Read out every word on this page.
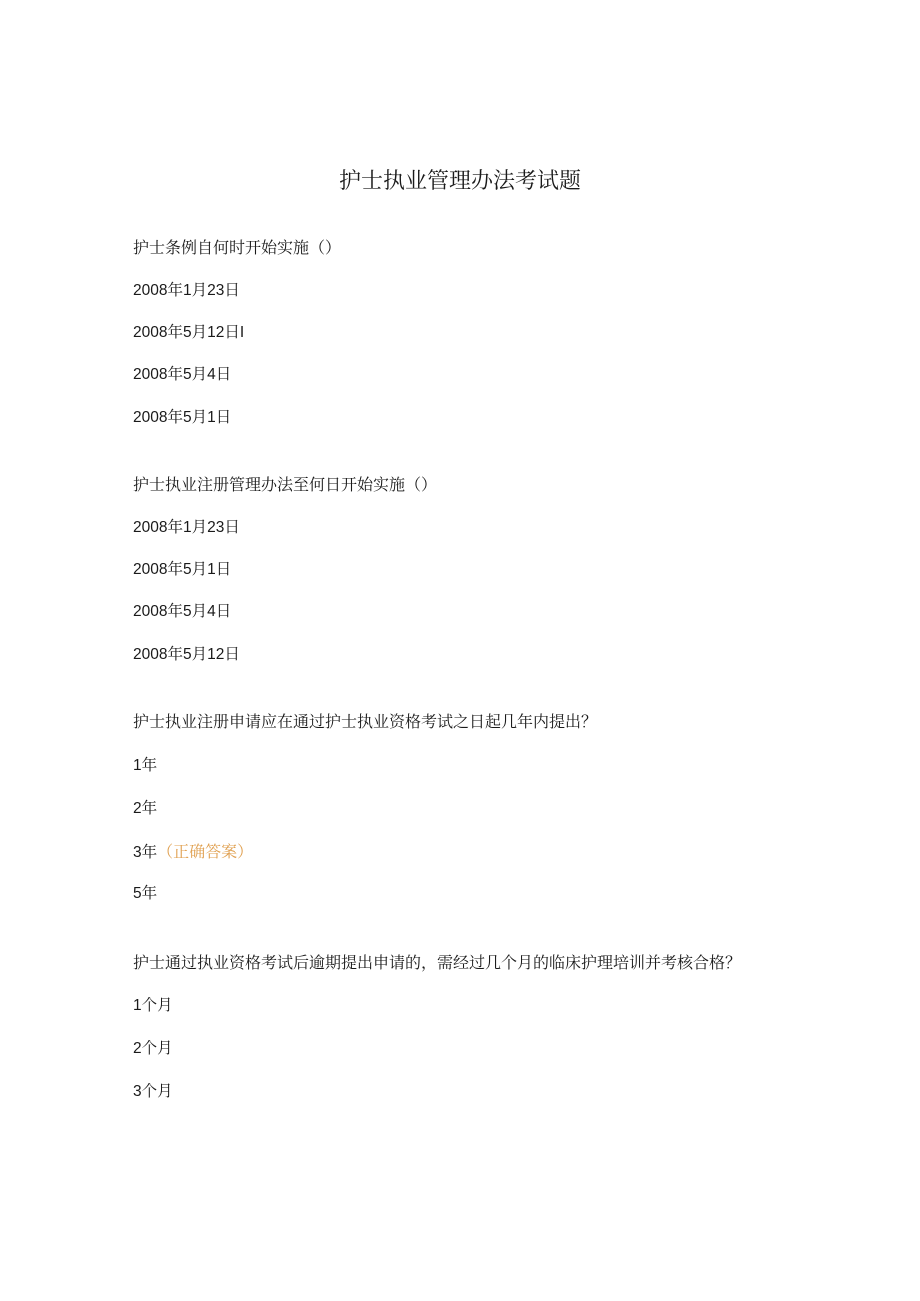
护士执业管理办法考试题

护士条例自何时开始实施（）

2008年1月23日

2008年5月12日I

2008年5月4日

2008年5月1日

护士执业注册管理办法至何日开始实施（）

2008年1月23日

2008年5月1日

2008年5月4日

2008年5月12日

护士执业注册申请应在通过护士执业资格考试之日起几年内提出？

1年

2年

3年（正确答案）

5年

护士通过执业资格考试后逾期提出申请的，需经过几个月的临床护理培训并考核合格？

1个月

2个月

3个月
